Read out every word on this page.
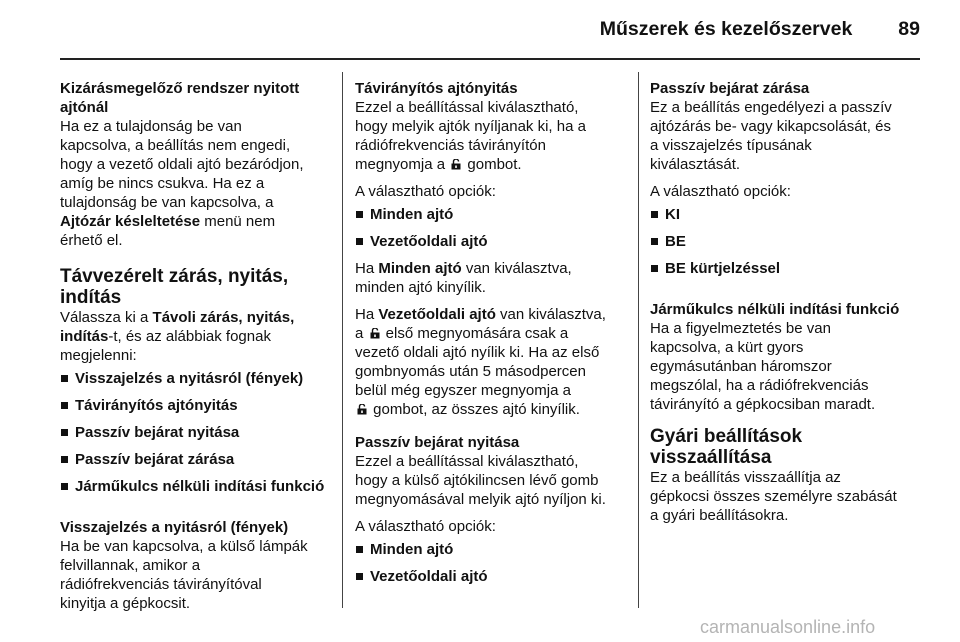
Műszerek és kezelőszervek 89
Kizárásmegelőző rendszer nyitott ajtónál
Ha ez a tulajdonság be van
kapcsolva, a beállítás nem engedi,
hogy a vezető oldali ajtó bezáródjon,
amíg be nincs csukva. Ha ez a
tulajdonság be van kapcsolva, a
Ajtózár késleltetése menü nem
érhető el.
Távvezérelt zárás, nyitás,
indítás
Válassza ki a Távoli zárás, nyitás,
indítás-t, és az alábbiak fognak
megjelenni:
Visszajelzés a nyitásról (fények)
Távirányítós ajtónyitás
Passzív bejárat nyitása
Passzív bejárat zárása
Járműkulcs nélküli indítási funkció
Visszajelzés a nyitásról (fények)
Ha be van kapcsolva, a külső lámpák
felvillannak, amikor a
rádiófrekvenciás távirányítóval
kinyitja a gépkocsit.
Távirányítós ajtónyitás
Ezzel a beállítással kiválasztható,
hogy melyik ajtók nyíljanak ki, ha a
rádiófrekvenciás távirányítón
megnyomja a  gombot.
A választható opciók:
Minden ajtó
Vezetőoldali ajtó
Ha Minden ajtó van kiválasztva,
minden ajtó kinyílik.
Ha Vezetőoldali ajtó van kiválasztva,
a  első megnyomására csak a
vezető oldali ajtó nyílik ki. Ha az első
gombnyomás után 5 másodpercen
belül még egyszer megnyomja a
gombot, az összes ajtó kinyílik.
Passzív bejárat nyitása
Ezzel a beállítással kiválasztható,
hogy a külső ajtókilincsen lévő gomb
megnyomásával melyik ajtó nyíljon ki.
A választható opciók:
Minden ajtó
Vezetőoldali ajtó
Passzív bejárat zárása
Ez a beállítás engedélyezi a passzív
ajtózárás be- vagy kikapcsolását, és
a visszajelzés típusának
kiválasztását.
A választható opciók:
KI
BE
BE kürtjelzéssel
Járműkulcs nélküli indítási funkció
Ha a figyelmeztetés be van
kapcsolva, a kürt gyors
egymásutánban háromszor
megszólal, ha a rádiófrekvenciás
távirányító a gépkocsiban maradt.
Gyári beállítások visszaállítása
Ez a beállítás visszaállítja az
gépkocsi összes személyre szabását
a gyári beállításokra.
carmanualsonline.info
